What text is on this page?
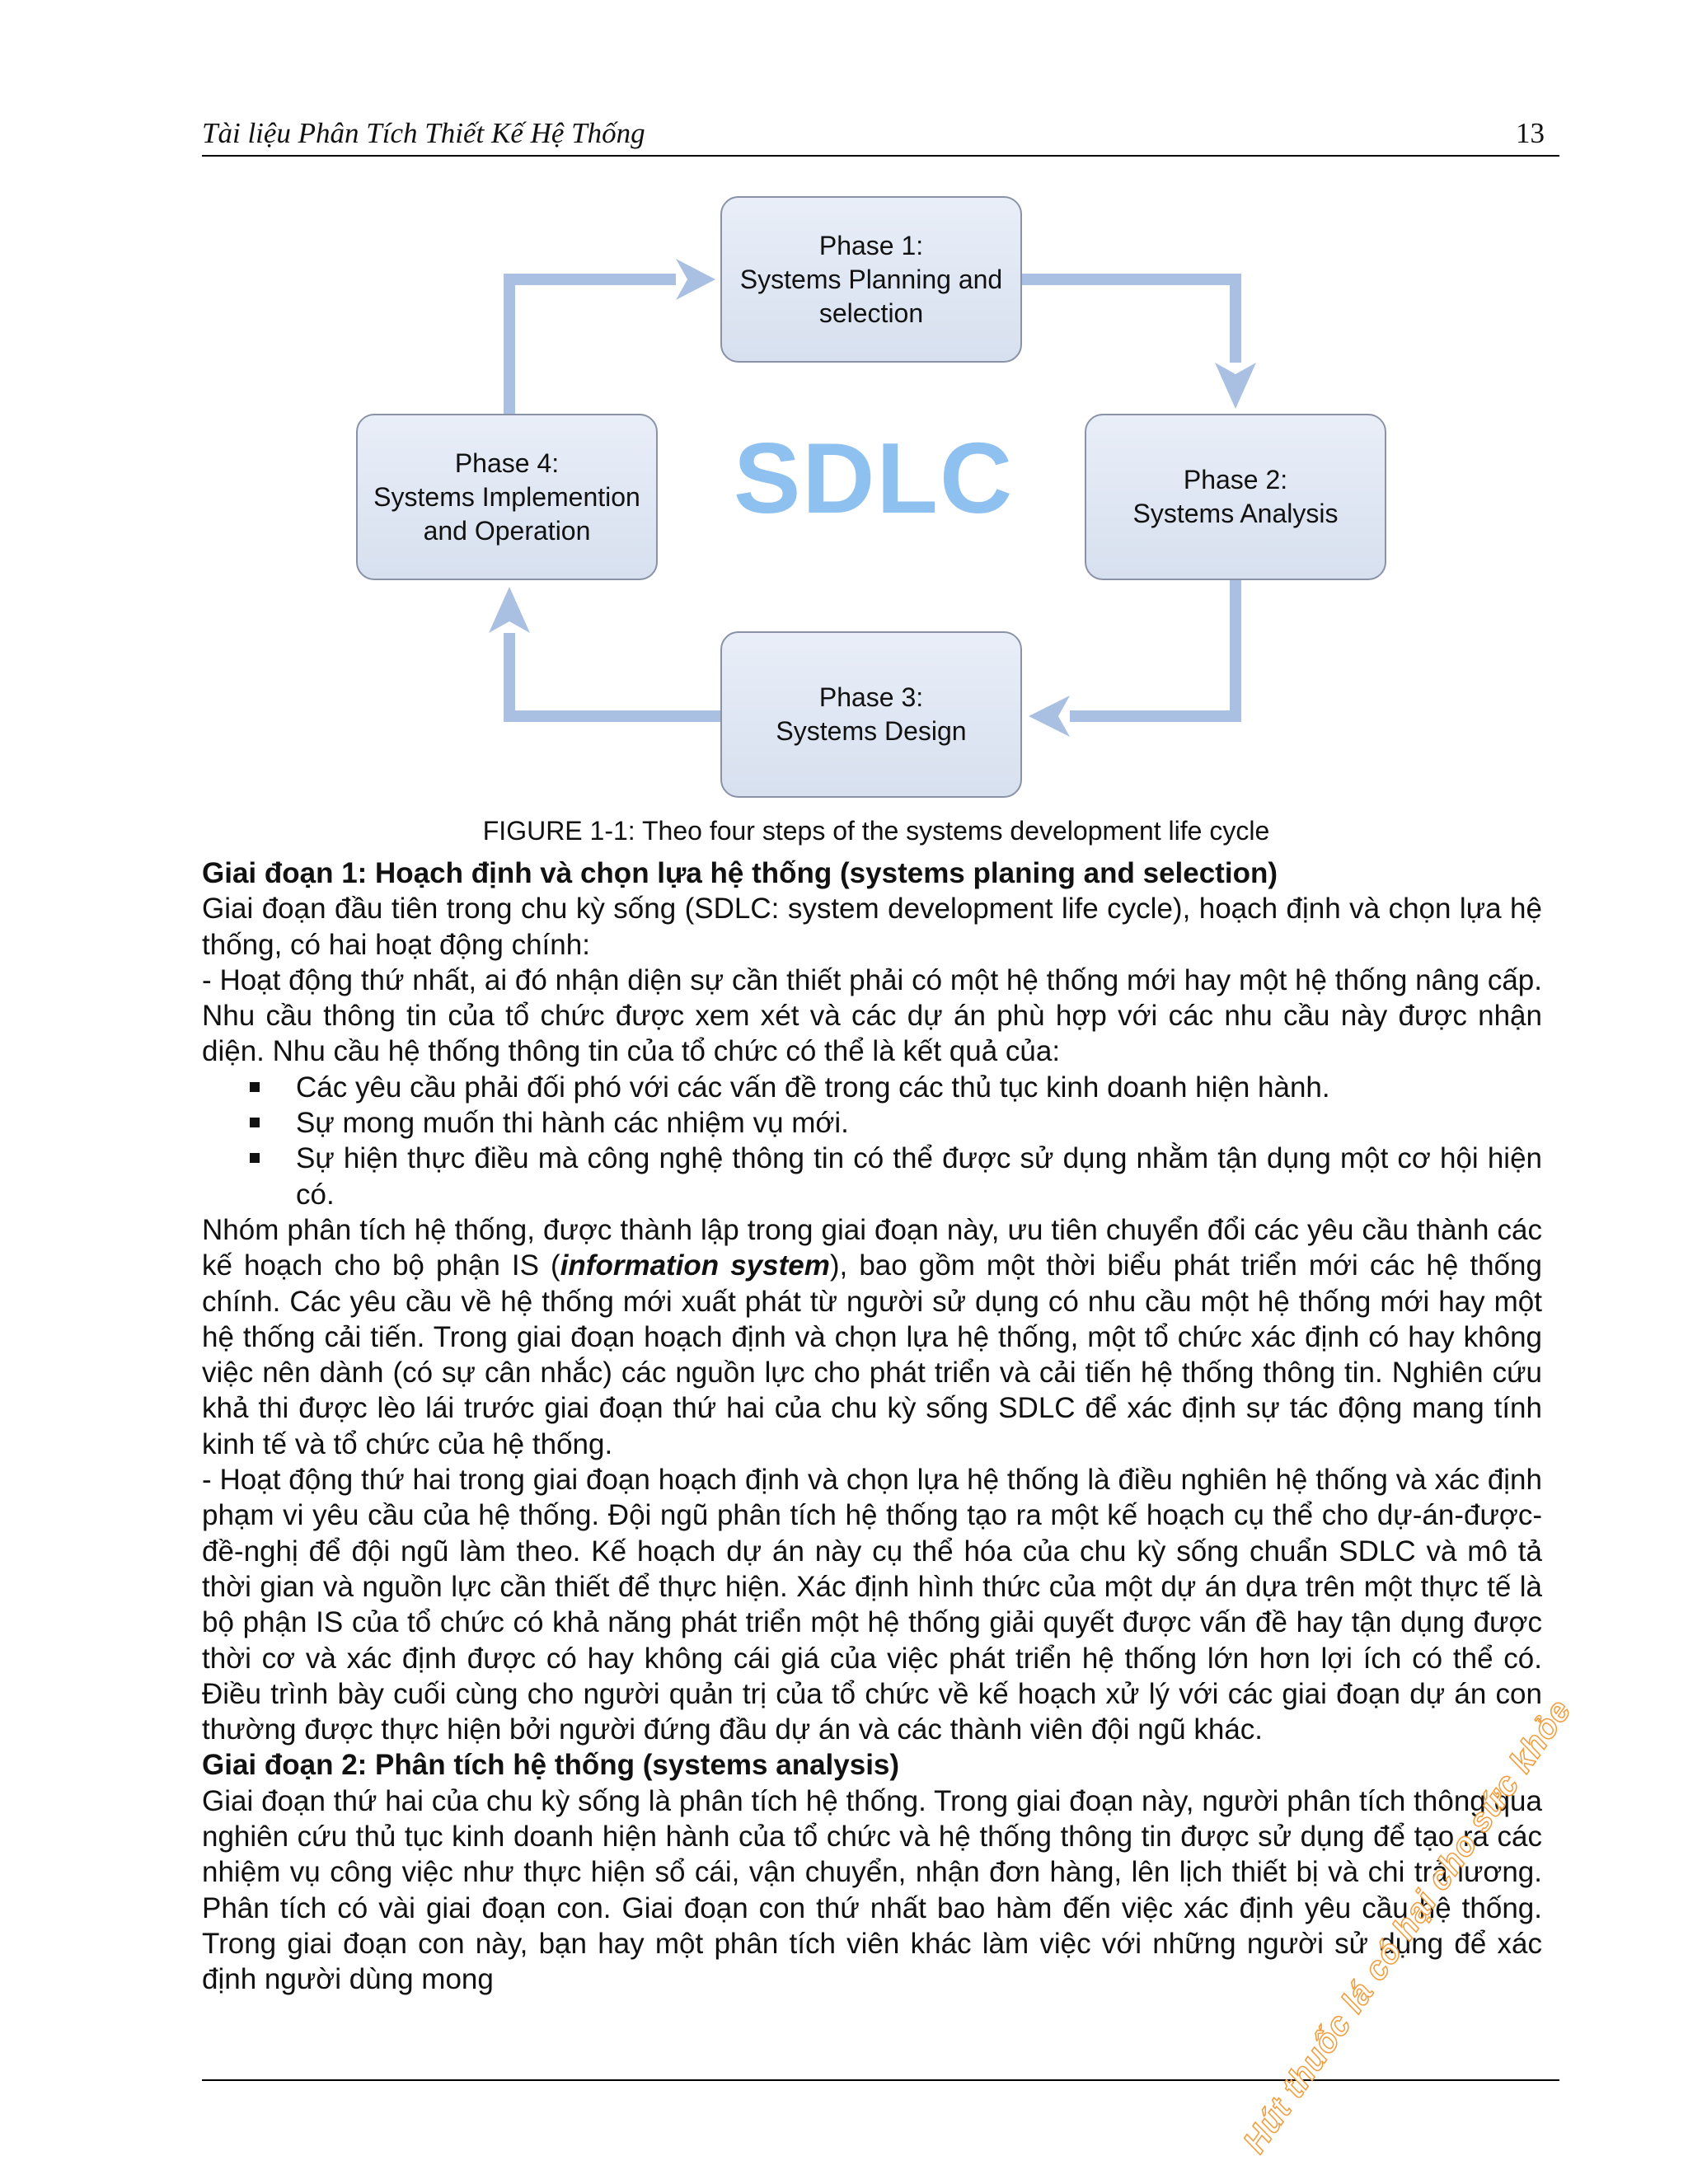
Tài liệu Phân Tích Thiết Kế Hệ Thống	13
Phase 1:
Systems Planning and
selection
Phase 2:
Systems Analysis
Phase 3:
Systems Design
Phase 4:
Systems Implemention
and Operation	SDLC
FIGURE 1-1: Theo four steps of the systems development life cycle

Giai đoạn 1: Hoạch định và chọn lựa hệ thống (systems planing and selection)

Giai đoạn đầu tiên trong chu kỳ sống (SDLC: system development life cycle), hoạch định và chọn lựa hệ thống, có hai hoạt động chính:

- Hoạt động thứ nhất, ai đó nhận diện sự cần thiết phải có một hệ thống mới hay một hệ thống nâng cấp. Nhu cầu thông tin của tổ chức được xem xét và các dự án phù hợp với các nhu cầu này được nhận diện. Nhu cầu hệ thống thông tin của tổ chức có thể là kết quả của:

Các yêu cầu phải đối phó với các vấn đề trong các thủ tục kinh doanh hiện hành.
Sự mong muốn thi hành các nhiệm vụ mới.
Sự hiện thực điều mà công nghệ thông tin có thể được sử dụng nhằm tận dụng một cơ hội hiện có.

Nhóm phân tích hệ thống, được thành lập trong giai đoạn này, ưu tiên chuyển đổi các yêu cầu thành các kế hoạch cho bộ phận IS (information system), bao gồm một thời biểu phát triển mới các hệ thống chính. Các yêu cầu về hệ thống mới xuất phát từ người sử dụng có nhu cầu một hệ thống mới hay một hệ thống cải tiến. Trong giai đoạn hoạch định và chọn lựa hệ thống, một tổ chức xác định có hay không việc nên dành (có sự cân nhắc) các nguồn lực cho phát triển và cải tiến hệ thống thông tin. Nghiên cứu khả thi được lèo lái trước giai đoạn thứ hai của chu kỳ sống SDLC để xác định sự tác động mang tính kinh tế và tổ chức của hệ thống.

- Hoạt động thứ hai trong giai đoạn hoạch định và chọn lựa hệ thống là điều nghiên hệ thống và xác định phạm vi yêu cầu của hệ thống. Đội ngũ phân tích hệ thống tạo ra một kế hoạch cụ thể cho dự-án-được-đề-nghị để đội ngũ làm theo. Kế hoạch dự án này cụ thể hóa của chu kỳ sống chuẩn SDLC và mô tả thời gian và nguồn lực cần thiết để thực hiện. Xác định hình thức của một dự án dựa trên một thực tế là bộ phận IS của tổ chức có khả năng phát triển một hệ thống giải quyết được vấn đề hay tận dụng được thời cơ và xác định được có hay không cái giá của việc phát triển hệ thống lớn hơn lợi ích có thể có. Điều trình bày cuối cùng cho người quản trị của tổ chức về kế hoạch xử lý với các giai đoạn dự án con thường được thực hiện bởi người đứng đầu dự án và các thành viên đội ngũ khác.

Giai đoạn 2: Phân tích hệ thống (systems analysis)

Giai đoạn thứ hai của chu kỳ sống là phân tích hệ thống. Trong giai đoạn này, người phân tích thông qua nghiên cứu thủ tục kinh doanh hiện hành của tổ chức và hệ thống thông tin được sử dụng để tạo ra các nhiệm vụ công việc như thực hiện sổ cái, vận chuyển, nhận đơn hàng, lên lịch thiết bị và chi trả lương. Phân tích có vài giai đoạn con. Giai đoạn con thứ nhất bao hàm đến việc xác định yêu cầu hệ thống. Trong giai đoạn con này, bạn hay một phân tích viên khác làm việc với những người sử dụng để xác định người dùng mong	Hút thuốc lá có hại cho sức khỏe
